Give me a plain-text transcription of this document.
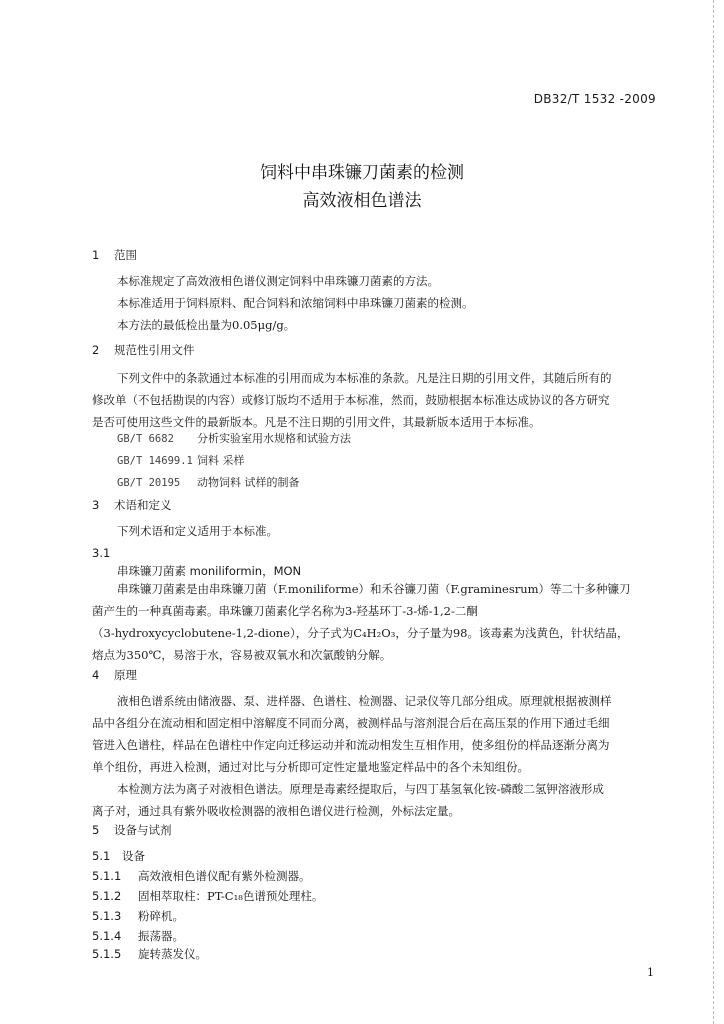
DB32/T 1532 -2009
饲料中串珠镰刀菌素的检测
高效液相色谱法
1 范围
本标准规定了高效液相色谱仪测定饲料中串珠镰刀菌素的方法。
本标准适用于饲料原料、配合饲料和浓缩饲料中串珠镰刀菌素的检测。
本方法的最低检出量为0.05μg/g。
2 规范性引用文件
下列文件中的条款通过本标准的引用而成为本标准的条款。凡是注日期的引用文件，其随后所有的
修改单（不包括勘误的内容）或修订版均不适用于本标准，然而，鼓励根据本标准达成协议的各方研究
是否可使用这些文件的最新版本。凡是不注日期的引用文件，其最新版本适用于本标准。
GB/T 6682 分析实验室用水规格和试验方法
GB/T 14699.1 饲料 采样
GB/T 20195 动物饲料 试样的制备
3 术语和定义
下列术语和定义适用于本标准。
3.1
串珠镰刀菌素 moniliformin，MON
串珠镰刀菌素是由串珠镰刀菌（F.moniliforme）和禾谷镰刀菌（F.graminesrum）等二十多种镰刀
菌产生的一种真菌毒素。串珠镰刀菌素化学名称为3-羟基环丁-3-烯-1,2-二酮
（3-hydroxycyclobutene-1,2-dione），分子式为C₄H₂O₃，分子量为98。该毒素为浅黄色，针状结晶，
熔点为350℃，易溶于水，容易被双氧水和次氯酸钠分解。
4 原理
液相色谱系统由储液器、泵、进样器、色谱柱、检测器、记录仪等几部分组成。原理就根据被测样
品中各组分在流动相和固定相中溶解度不同而分离，被测样品与溶剂混合后在高压泵的作用下通过毛细
管进入色谱柱，样品在色谱柱中作定向迁移运动并和流动相发生互相作用，使多组份的样品逐渐分离为
单个组份，再进入检测，通过对比与分析即可定性定量地鉴定样品中的各个未知组份。
本检测方法为离子对液相色谱法。原理是毒素经提取后，与四丁基氢氧化铵-磷酸二氢钾溶液形成
离子对，通过具有紫外吸收检测器的液相色谱仪进行检测，外标法定量。
5 设备与试剂
5.1 设备
5.1.1 高效液相色谱仪配有紫外检测器。
5.1.2 固相萃取柱：PT-C₁₈色谱预处理柱。
5.1.3 粉碎机。
5.1.4 振荡器。
5.1.5 旋转蒸发仪。
1
